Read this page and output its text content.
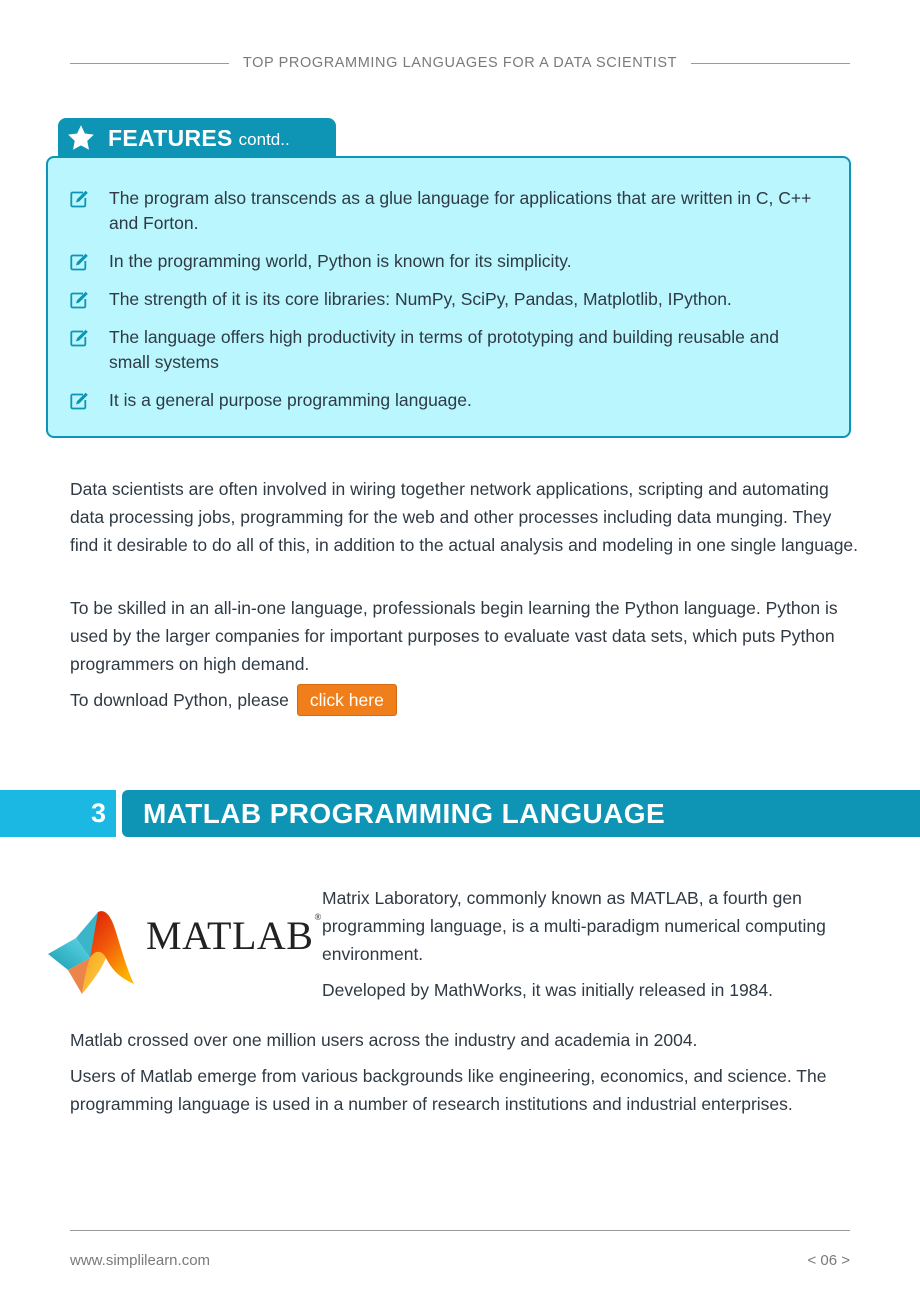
TOP PROGRAMMING LANGUAGES FOR A DATA SCIENTIST
FEATURES contd..
The program also transcends as a glue language for applications that are written in C, C++ and Forton.
In the programming world, Python is known for its simplicity.
The strength of it is its core libraries: NumPy, SciPy, Pandas, Matplotlib, IPython.
The language offers high productivity in terms of prototyping and building reusable and small systems
It is a general purpose programming language.

Data scientists are often involved in wiring together network applications, scripting and automating data processing jobs, programming for the web and other processes including data munging. They find it desirable to do all of this, in addition to the actual analysis and modeling in one single language.

To be skilled in an all-in-one language, professionals begin learning the Python language. Python is used by the larger companies for important purposes to evaluate vast data sets, which puts Python programmers on high demand.

To download Python, please	click here
3	MATLAB PROGRAMMING LANGUAGE
MATLAB®

Matrix Laboratory, commonly known as MATLAB, a fourth gen programming language, is a multi-paradigm numerical computing environment.

Developed by MathWorks, it was initially released in 1984.

Matlab crossed over one million users across the industry and academia in 2004.

Users of Matlab emerge from various backgrounds like engineering, economics, and science. The programming language is used in a number of research institutions and industrial enterprises.

www.simplilearn.com	< 06 >
